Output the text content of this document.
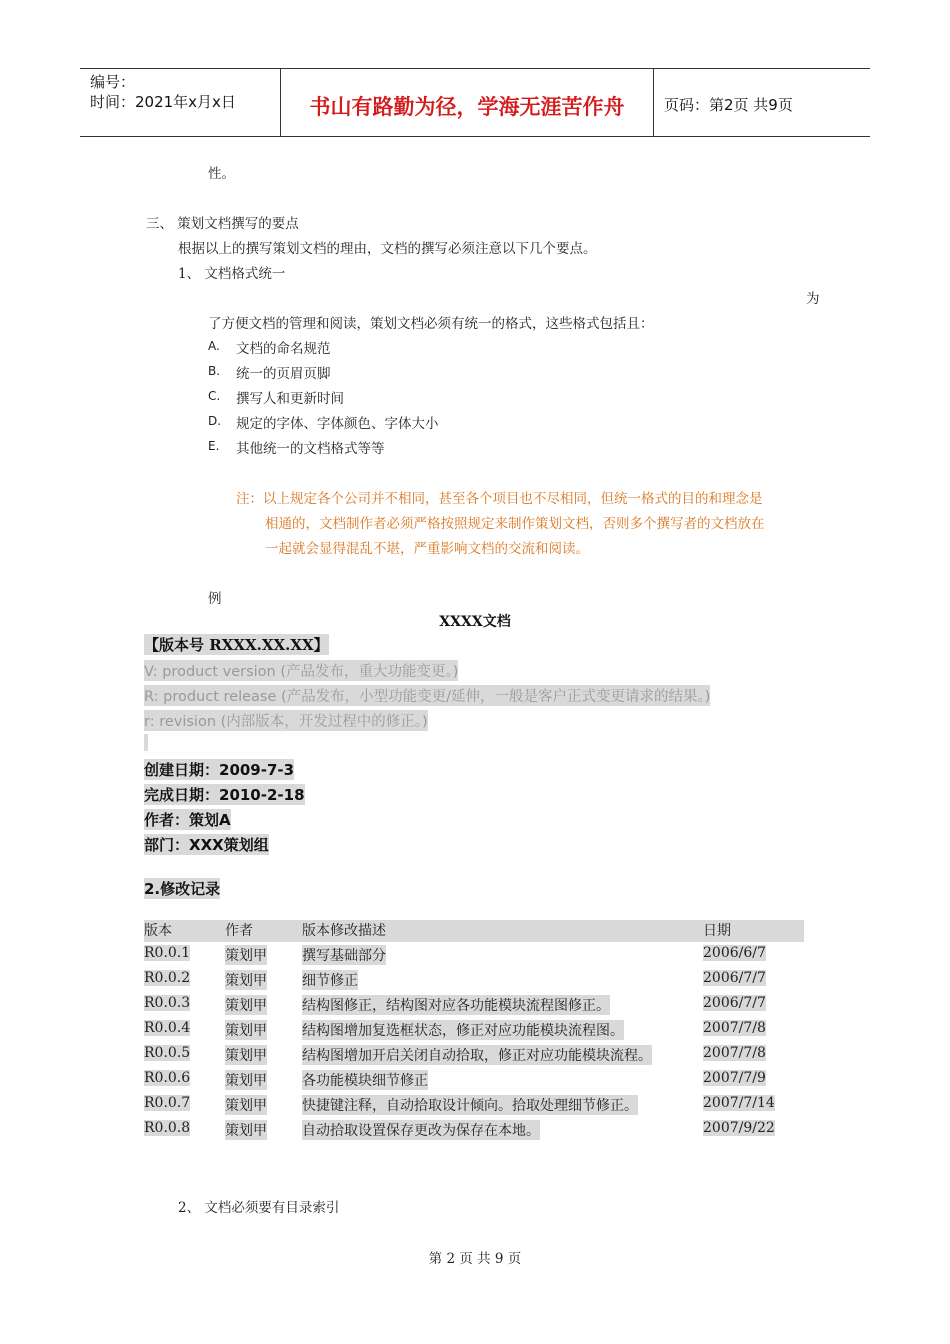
编号：
时间：2021年x月x日	书山有路勤为径，学海无涯苦作舟	页码：第2页 共9页
性。
三、 策划文档撰写的要点
根据以上的撰写策划文档的理由，文档的撰写必须注意以下几个要点。
1、 文档格式统一
为
了方便文档的管理和阅读，策划文档必须有统一的格式，这些格式包括且：
A. 文档的命名规范
B. 统一的页眉页脚
C. 撰写人和更新时间
D. 规定的字体、字体颜色、字体大小
E. 其他统一的文档格式等等
注：以上规定各个公司并不相同，甚至各个项目也不尽相同，但统一格式的目的和理念是
相通的，文档制作者必须严格按照规定来制作策划文档，否则多个撰写者的文档放在
一起就会显得混乱不堪，严重影响文档的交流和阅读。
例
XXXX文档
【版本号 RXXX.XX.XX】
V: product version (产品发布，重大功能变更。)
R: product release (产品发布，小型功能变更/延伸，一般是客户正式变更请求的结果。)
r: revision (内部版本，开发过程中的修正。)
创建日期：2009-7-3
完成日期：2010-2-18
作者：策划A
部门：XXX策划组
2.修改记录
版本	作者	版本修改描述	日期
R0.0.1 策划甲	撰写基础部分	2006/6/7
R0.0.2 策划甲	细节修正	2006/7/7
R0.0.3 策划甲	结构图修正，结构图对应各功能模块流程图修正。	2006/7/7
R0.0.4 策划甲	结构图增加复选框状态，修正对应功能模块流程图。	2007/7/8
R0.0.5 策划甲	结构图增加开启关闭自动拾取，修正对应功能模块流程。	2007/7/8
R0.0.6 策划甲	各功能模块细节修正	2007/7/9
R0.0.7 策划甲	快捷键注释，自动拾取设计倾向。拾取处理细节修正。	2007/7/14
R0.0.8 策划甲	自动拾取设置保存更改为保存在本地。	2007/9/22
2、 文档必须要有目录索引
第 2 页 共 9 页
